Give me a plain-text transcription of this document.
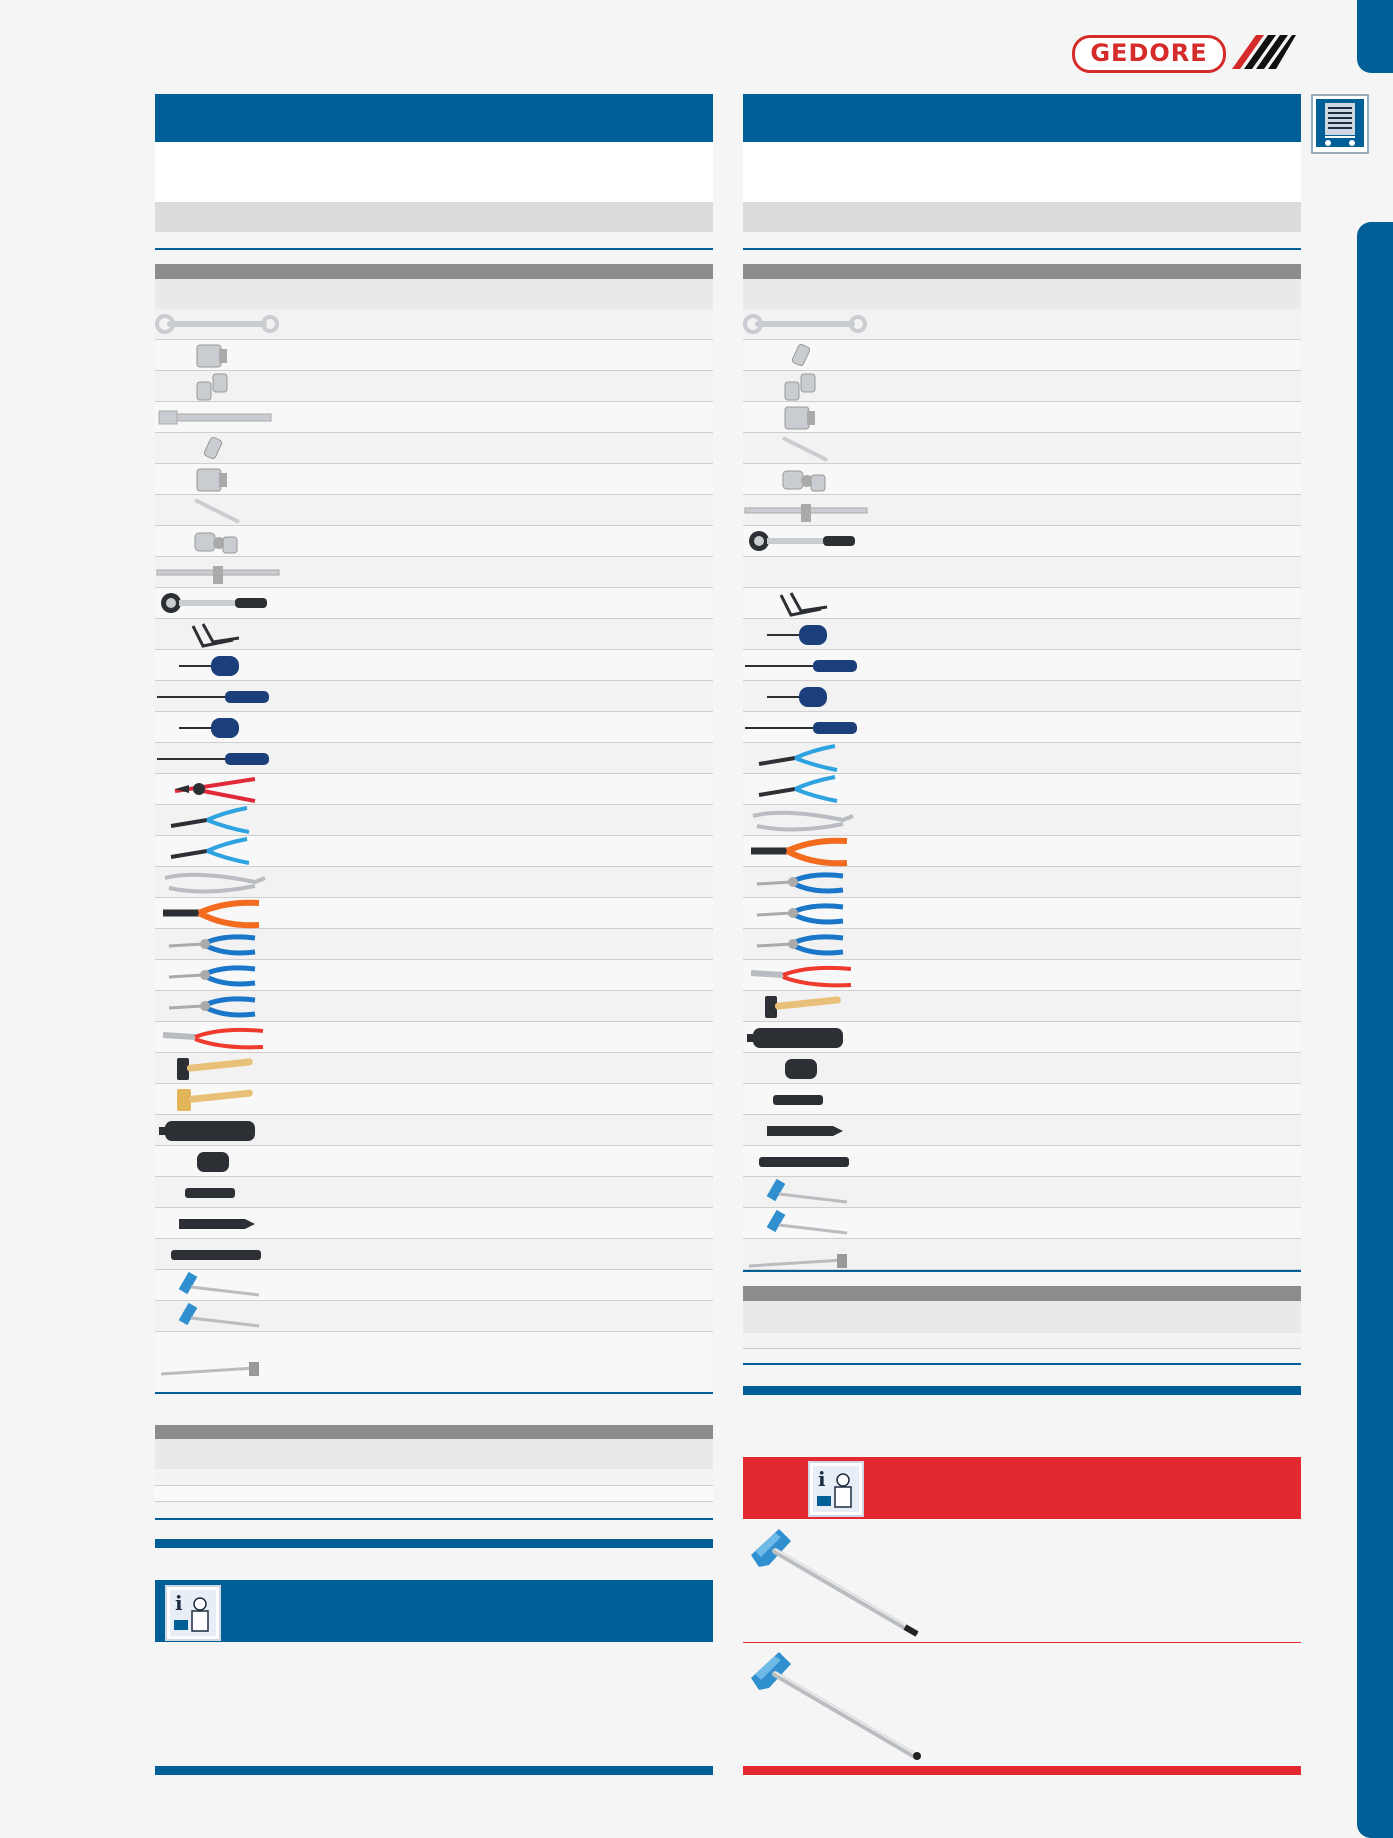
GEDORE
i
i
